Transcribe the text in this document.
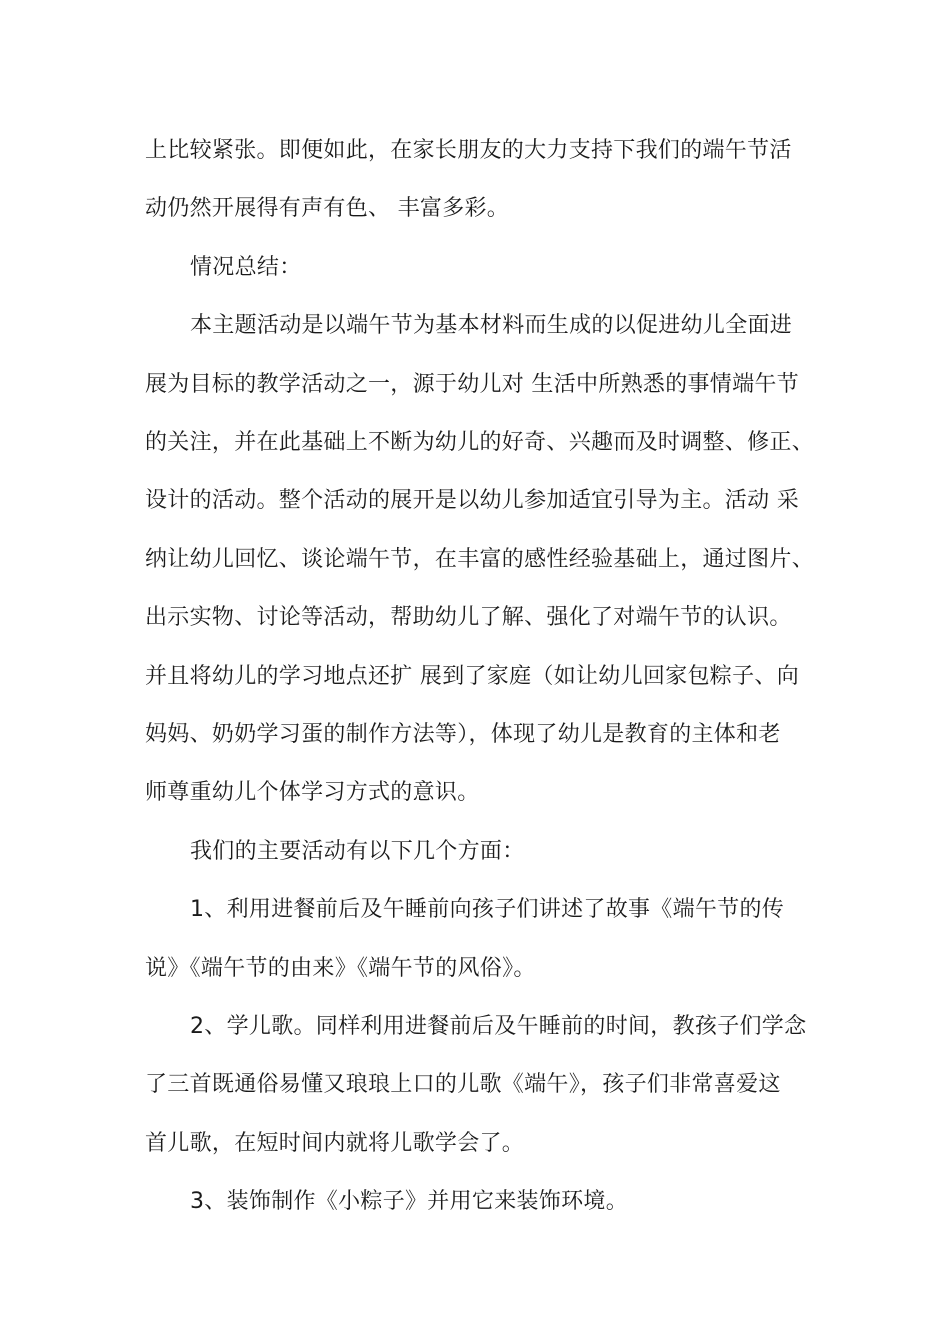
上比较紧张。即便如此，在家长朋友的大力支持下我们的端午节活

动仍然开展得有声有色、 丰富多彩。

情况总结：

本主题活动是以端午节为基本材料而生成的以促进幼儿全面进

展为目标的教学活动之一，源于幼儿对 生活中所熟悉的事情端午节

的关注，并在此基础上不断为幼儿的好奇、兴趣而及时调整、修正、

设计的活动。整个活动的展开是以幼儿参加适宜引导为主。活动 采

纳让幼儿回忆、谈论端午节，在丰富的感性经验基础上，通过图片、

出示实物、讨论等活动，帮助幼儿了解、强化了对端午节的认识。

并且将幼儿的学习地点还扩 展到了家庭（如让幼儿回家包粽子、向

妈妈、奶奶学习蛋的制作方法等），体现了幼儿是教育的主体和老

师尊重幼儿个体学习方式的意识。

我们的主要活动有以下几个方面：

1、利用进餐前后及午睡前向孩子们讲述了故事《端午节的传

说》《端午节的由来》《端午节的风俗》。

2、学儿歌。同样利用进餐前后及午睡前的时间，教孩子们学念

了三首既通俗易懂又琅琅上口的儿歌《端午》，孩子们非常喜爱这

首儿歌，在短时间内就将儿歌学会了。

3、装饰制作《小粽子》并用它来装饰环境。
